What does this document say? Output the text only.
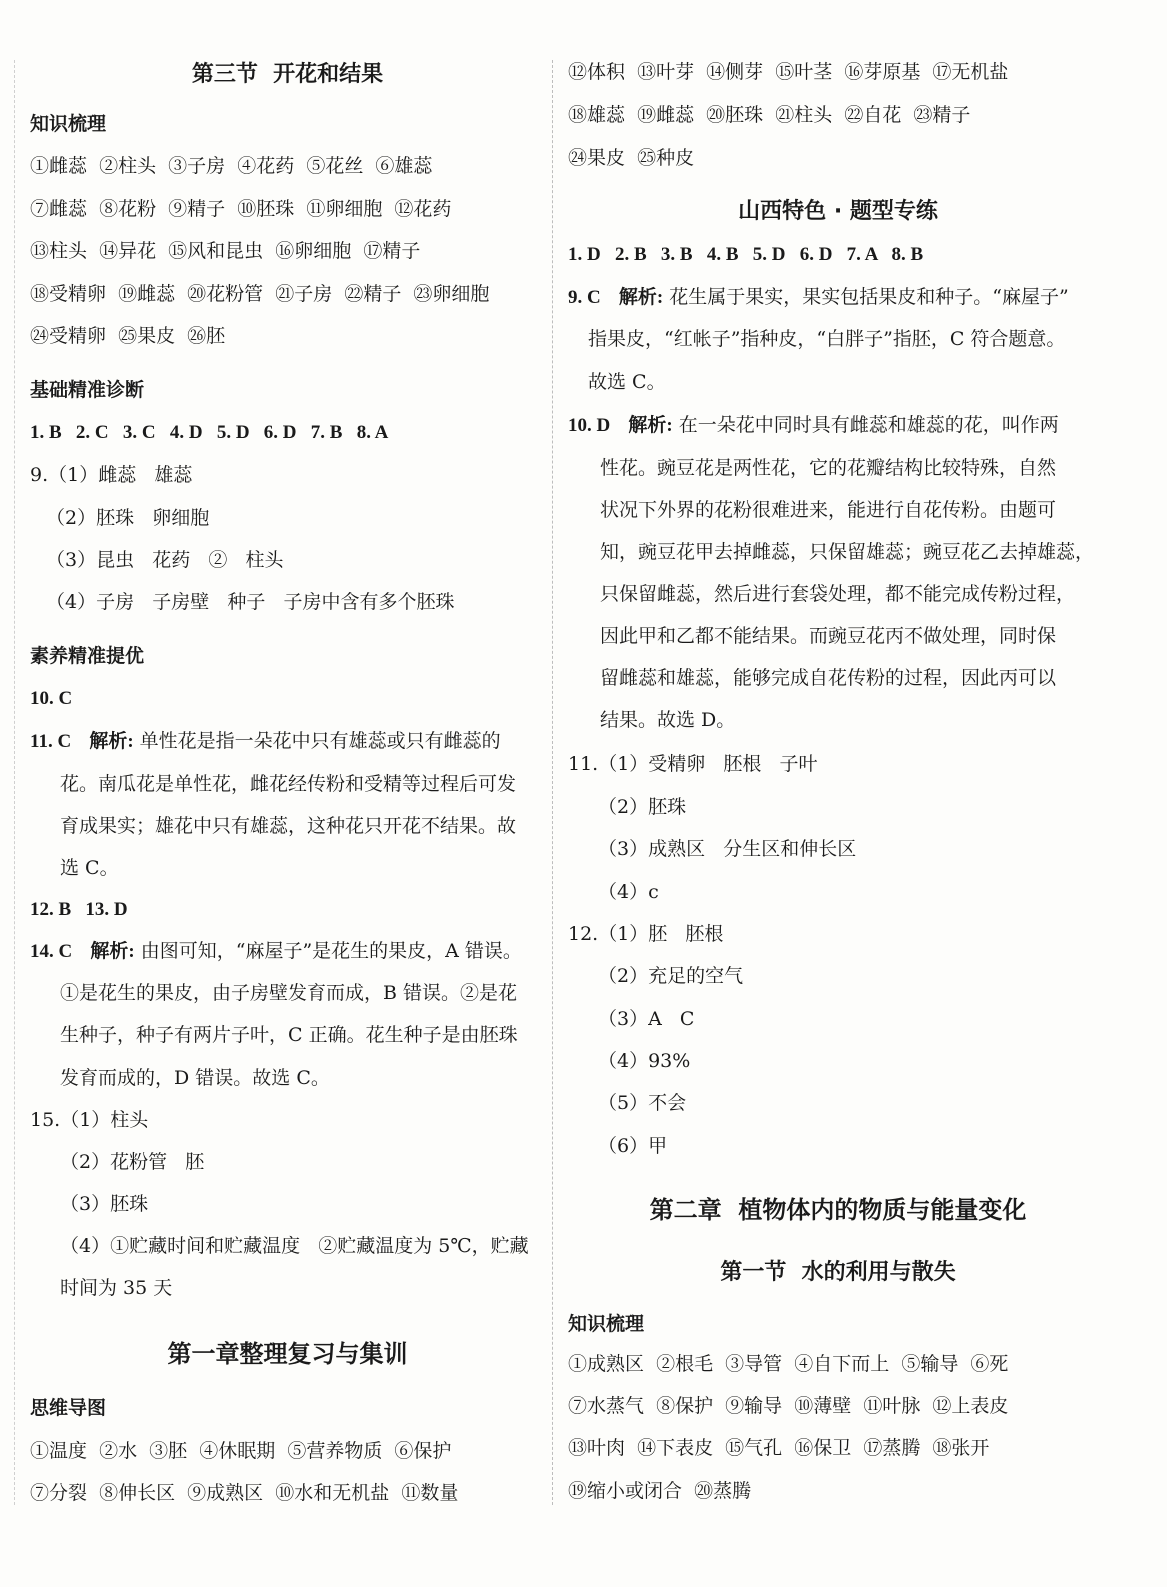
第三节  开花和结果
知识梳理
①雌蕊  ②柱头  ③子房  ④花药  ⑤花丝  ⑥雄蕊
⑦雌蕊  ⑧花粉  ⑨精子  ⑩胚珠  ⑪卵细胞  ⑫花药
⑬柱头  ⑭异花  ⑮风和昆虫  ⑯卵细胞  ⑰精子
⑱受精卵  ⑲雌蕊  ⑳花粉管  ㉑子房  ㉒精子  ㉓卵细胞
㉔受精卵  ㉕果皮  ㉖胚
基础精准诊断
1. B   2. C   3. C   4. D   5. D   6. D   7. B   8. A
9.（1）雌蕊   雄蕊
（2）胚珠   卵细胞
（3）昆虫   花药   ②   柱头
（4）子房   子房壁   种子   子房中含有多个胚珠
素养精准提优
10. C
11. C 解析: 单性花是指一朵花中只有雄蕊或只有雌蕊的
花。南瓜花是单性花，雌花经传粉和受精等过程后可发
育成果实；雄花中只有雄蕊，这种花只开花不结果。故
选 C。
12. B   13. D
14. C 解析: 由图可知，“麻屋子”是花生的果皮，A 错误。
①是花生的果皮，由子房壁发育而成，B 错误。②是花
生种子，种子有两片子叶，C 正确。花生种子是由胚珠
发育而成的，D 错误。故选 C。
15.（1）柱头
（2）花粉管   胚
（3）胚珠
（4）①贮藏时间和贮藏温度   ②贮藏温度为 5℃，贮藏
时间为 35 天
第一章整理复习与集训
思维导图
①温度  ②水  ③胚  ④休眠期  ⑤营养物质  ⑥保护
⑦分裂  ⑧伸长区  ⑨成熟区  ⑩水和无机盐  ⑪数量
⑫体积  ⑬叶芽  ⑭侧芽  ⑮叶茎  ⑯芽原基  ⑰无机盐
⑱雄蕊  ⑲雌蕊  ⑳胚珠  ㉑柱头  ㉒自花  ㉓精子
㉔果皮  ㉕种皮
山西特色 · 题型专练
1. D   2. B   3. B   4. B   5. D   6. D   7. A   8. B
9. C 解析: 花生属于果实，果实包括果皮和种子。“麻屋子”
指果皮，“红帐子”指种皮，“白胖子”指胚，C 符合题意。
故选 C。
10. D 解析: 在一朵花中同时具有雌蕊和雄蕊的花，叫作两
性花。豌豆花是两性花，它的花瓣结构比较特殊，自然
状况下外界的花粉很难进来，能进行自花传粉。由题可
知，豌豆花甲去掉雌蕊，只保留雄蕊；豌豆花乙去掉雄蕊，
只保留雌蕊，然后进行套袋处理，都不能完成传粉过程，
因此甲和乙都不能结果。而豌豆花丙不做处理，同时保
留雌蕊和雄蕊，能够完成自花传粉的过程，因此丙可以
结果。故选 D。
11.（1）受精卵   胚根   子叶
（2）胚珠
（3）成熟区   分生区和伸长区
（4）c
12.（1）胚   胚根
（2）充足的空气
（3）A   C
（4）93%
（5）不会
（6）甲
第二章  植物体内的物质与能量变化
第一节  水的利用与散失
知识梳理
①成熟区  ②根毛  ③导管  ④自下而上  ⑤输导  ⑥死
⑦水蒸气  ⑧保护  ⑨输导  ⑩薄壁  ⑪叶脉  ⑫上表皮
⑬叶肉  ⑭下表皮  ⑮气孔  ⑯保卫  ⑰蒸腾  ⑱张开
⑲缩小或闭合  ⑳蒸腾
